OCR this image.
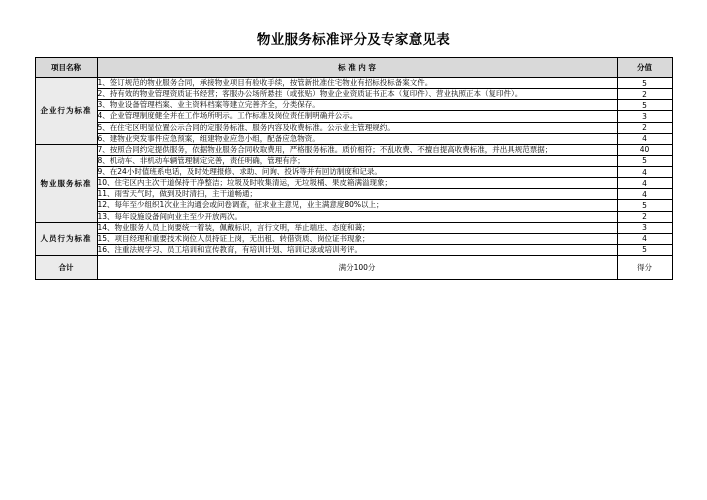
物业服务标准评分及专家意见表
项目名称	标 准 内 容	分值

企业行为标准	1、签订规范的物业服务合同，承接物业项目有验收手续，按管新批准住宅物业有招标投标备案文件。	5
	2、持有效的物业管理资质证书经营；客服办公场所悬挂（或张贴）物业企业资质证书正本（复印件）、营业执照正本（复印件）。	2
	3、物业设备管理档案、业主资料档案等建立完善齐全，分类保存。	5
	4、企业管理制度健全并在工作场所明示。工作标准及岗位责任制明确并公示。	3
	5、在住宅区明显位置公示合同的定服务标准、服务内容及收费标准。公示业主管理规约。	2
	6、建物业突发事件应急预案，组建物业应急小组，配备应急物资。	4

物业服务标准	7、按照合同约定提供服务，依据物业服务合同收取费用，严格服务标准。质价相符；不乱收费、不擅自提高收费标准，并出具规范票据；	40
	8、机动车、非机动车辆管理制定完善，责任明确，管理有序；	5
	9、在24小时值班系电话，及时处理报修、求助、问询、投诉等并有回访制度和记录。	4
	10、住宅区内主次干道保持干净整洁；垃圾及时收集清运，无垃圾桶、果皮箱满溢现象；	4
	11、雨雪天气时，做到及时清扫，主干道畅通；	4
	12、每年至少组织1次业主沟通会或问卷调查，征求业主意见，业主满意度80%以上；	5
	13、每年设施设备间向业主至少开放两次。	2

人员行为标准	14、物业服务人员上岗要统一着装，佩戴标识，言行文明，举止端庄、态度和蔼；	3
	15、项目经理和重要技术岗位人员持证上岗，无出租、转借资质、岗位证书现象；	4
	16、注重法规学习、员工培训和宣传教育，有培训计划、培训记录或培训考评。	5
合计	满分100分	得分
